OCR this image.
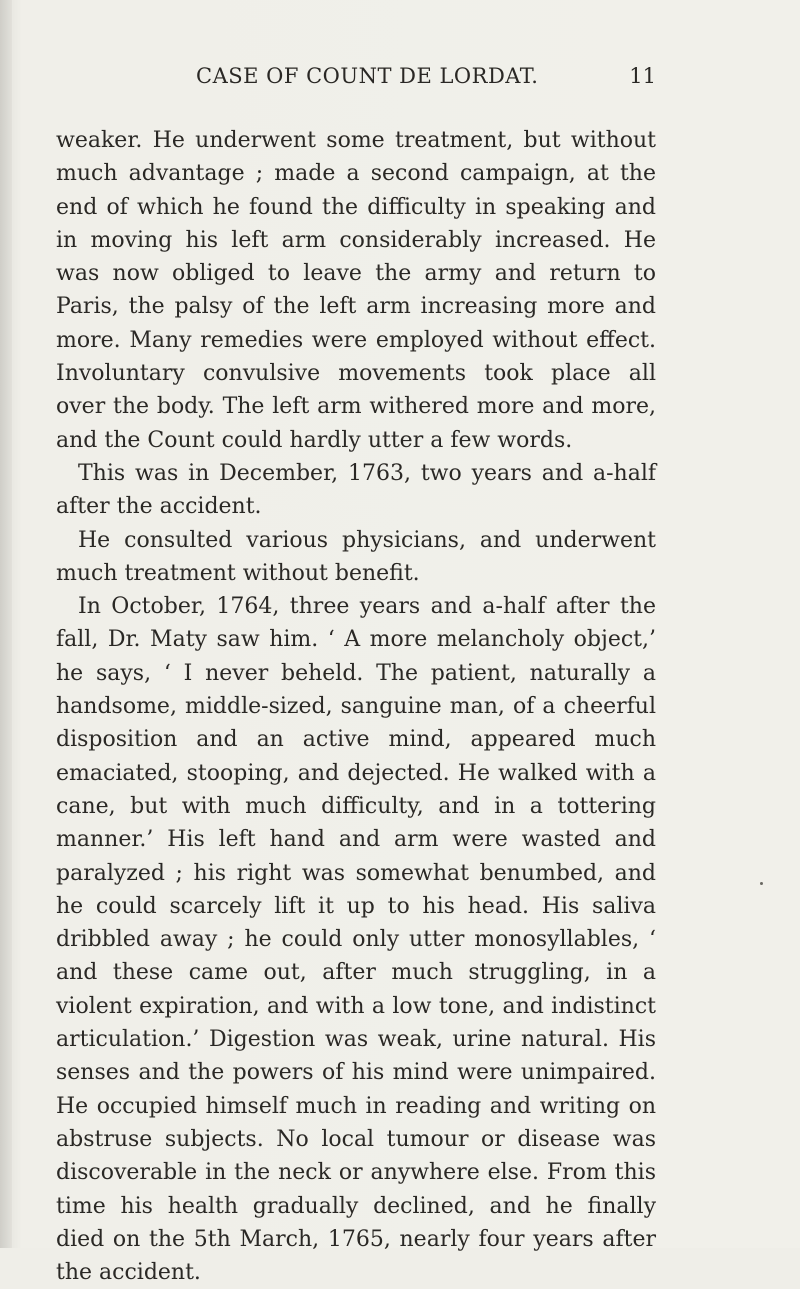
CASE OF COUNT DE LORDAT.	11

weaker. He underwent some treatment, but without much advantage ; made a second campaign, at the end of which he found the difficulty in speaking and in moving his left arm considerably increased. He was now obliged to leave the army and return to Paris, the palsy of the left arm increasing more and more. Many remedies were employed without effect. Involuntary convulsive movements took place all over the body. The left arm withered more and more, and the Count could hardly utter a few words.

This was in December, 1763, two years and a-half after the accident.

He consulted various physicians, and underwent much treatment without benefit.

In October, 1764, three years and a-half after the fall, Dr. Maty saw him. ‘ A more melancholy object,’ he says, ‘ I never beheld. The patient, naturally a handsome, middle-sized, sanguine man, of a cheerful disposition and an active mind, appeared much emaciated, stooping, and dejected. He walked with a cane, but with much difficulty, and in a tottering manner.’ His left hand and arm were wasted and paralyzed ; his right was somewhat benumbed, and he could scarcely lift it up to his head. His saliva dribbled away ; he could only utter monosyllables, ‘ and these came out, after much struggling, in a violent expiration, and with a low tone, and indistinct articulation.’ Digestion was weak, urine natural. His senses and the powers of his mind were unimpaired. He occupied himself much in reading and writing on abstruse subjects. No local tumour or disease was discoverable in the neck or anywhere else. From this time his health gradually declined, and he finally died on the 5th March, 1765, nearly four years after the accident.
